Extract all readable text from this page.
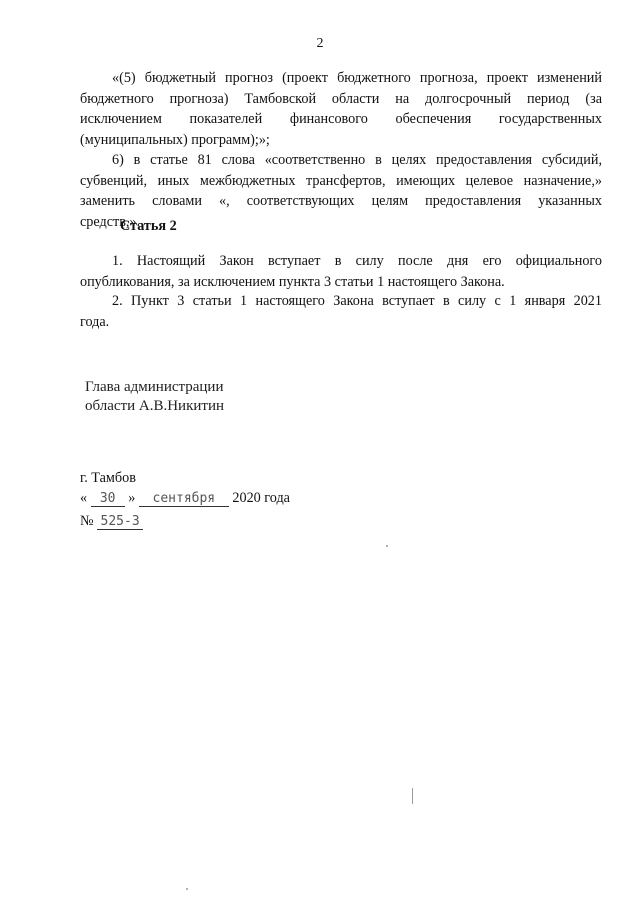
2
«(5) бюджетный прогноз (проект бюджетного прогноза, проект изменений
бюджетного прогноза) Тамбовской области на долгосрочный период (за
исключением показателей финансового обеспечения государственных
(муниципальных) программ);»;
6) в статье 81 слова «соответственно в целях предоставления субсидий,
субвенций, иных межбюджетных трансфертов, имеющих целевое назначение,»
заменить словами «, соответствующих целям предоставления указанных
средств,».
Статья 2
1. Настоящий Закон вступает в силу после дня его официального
опубликования, за исключением пункта 3 статьи 1 настоящего Закона.
2. Пункт 3 статьи 1 настоящего Закона вступает в силу с 1 января 2021
года.
Глава администрации
области А.В.Никитин
г. Тамбов
« 30 » сентября 2020 года
№ 525-З
